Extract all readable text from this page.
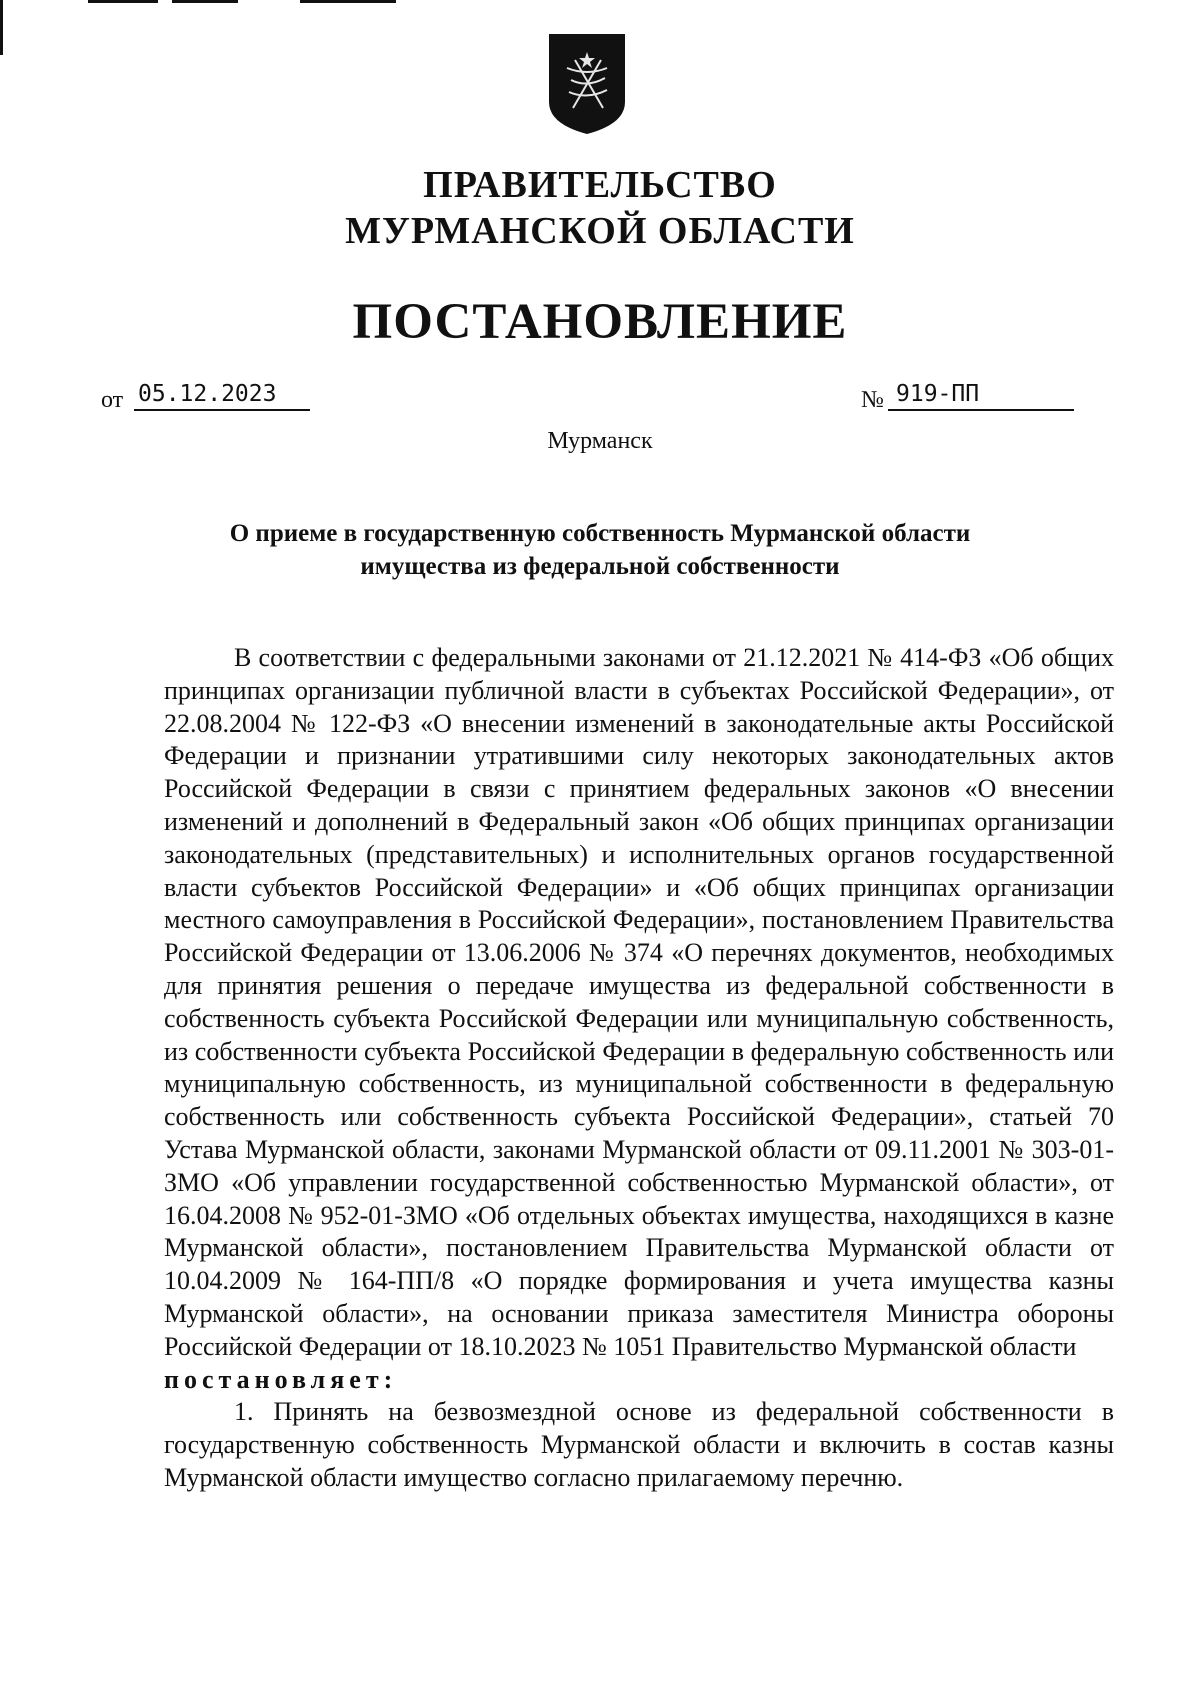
ПРАВИТЕЛЬСТВО
МУРМАНСКОЙ ОБЛАСТИ
ПОСТАНОВЛЕНИЕ
от 05.12.2023	№ 919-ПП
Мурманск
О приеме в государственную собственность Мурманской области
имущества из федеральной собственности

В соответствии с федеральными законами от 21.12.2021 № 414-ФЗ «Об общих принципах организации публичной власти в субъектах Российской Федерации», от 22.08.2004 № 122-ФЗ «О внесении изменений в законодательные акты Российской Федерации и признании утратившими силу некоторых законодательных актов Российской Федерации в связи с принятием федеральных законов «О внесении изменений и дополнений в Федеральный закон «Об общих принципах организации законодательных (представительных) и исполнительных органов государственной власти субъектов Российской Федерации» и «Об общих принципах организации местного самоуправления в Российской Федерации», постановлением Правительства Российской Федерации от 13.06.2006 № 374 «О перечнях документов, необходимых для принятия решения о передаче имущества из федеральной собственности в собственность субъекта Российской Федерации или муниципальную собственность, из собственности субъекта Российской Федерации в федеральную собственность или муниципальную собственность, из муниципальной собственности в федеральную собственность или собственность субъекта Российской Федерации», статьей 70 Устава Мурманской области, законами Мурманской области от 09.11.2001 № 303-01-ЗМО «Об управлении государственной собственностью Мурманской области», от 16.04.2008 № 952-01-ЗМО «Об отдельных объектах имущества, находящихся в казне Мурманской области», постановлением Правительства Мурманской области от 10.04.2009 № 164-ПП/8 «О порядке формирования и учета имущества казны Мурманской области», на основании приказа заместителя Министра обороны Российской Федерации от 18.10.2023 № 1051 Правительство Мурманской области

постановляет:

1. Принять на безвозмездной основе из федеральной собственности в государственную собственность Мурманской области и включить в состав казны Мурманской области имущество согласно прилагаемому перечню.
